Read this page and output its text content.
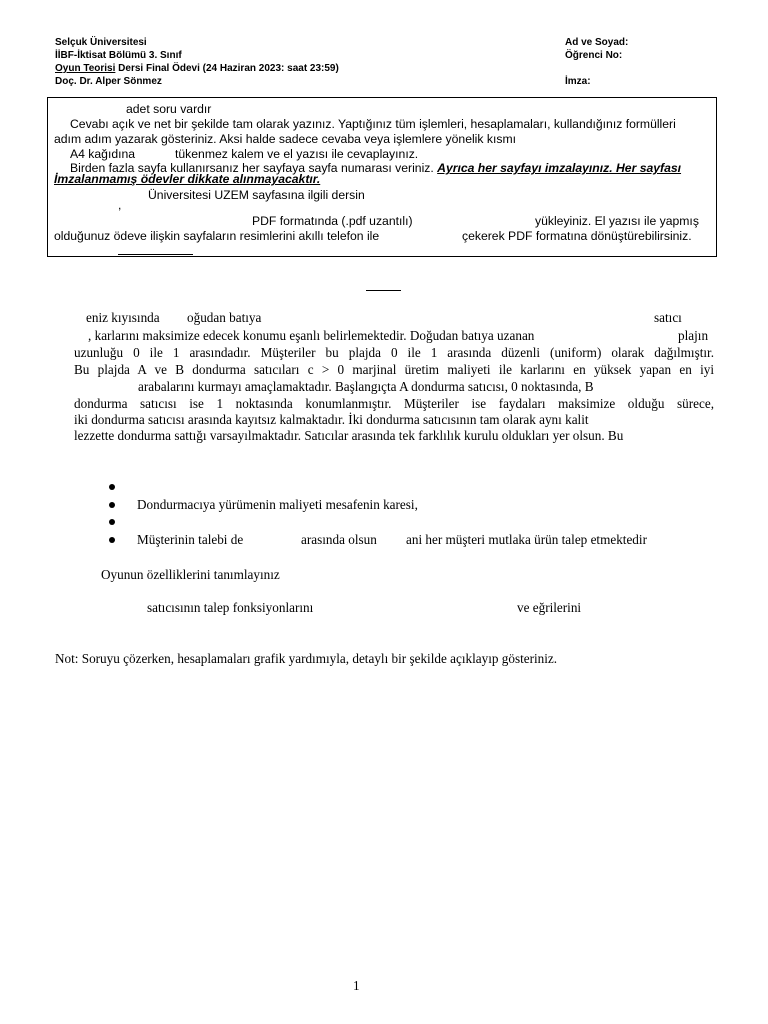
Selçuk Üniversitesi
İİBF-İktisat Bölümü 3. Sınıf
Oyun Teorisi Dersi Final Ödevi (24 Haziran 2023: saat 23:59)
Doç. Dr. Alper Sönmez
Ad ve Soyad:
Öğrenci No:
İmza:
adet soru vardır
Cevabı açık ve net bir şekilde tam olarak yazınız. Yaptığınız tüm işlemleri, hesaplamaları, kullandığınız formülleri
adım adım yazarak gösteriniz. Aksi halde sadece cevaba veya işlemlere yönelik kısmı
A4 kağıdına	tükenmez kalem ve el yazısı ile cevaplayınız.
Birden fazla sayfa kullanırsanız her sayfaya sayfa numarası veriniz. Ayrıca her sayfayı imzalayınız. Her sayfası
İmzalanmamış ödevler dikkate alınmayacaktır.
Üniversitesi UZEM sayfasına ilgili dersin
,
PDF formatında (.pdf uzantılı)	yükleyiniz. El yazısı ile yapmış
olduğunuz ödeve ilişkin sayfaların resimlerini akıllı telefon ile	çekerek PDF formatına dönüştürebilirsiniz.
eniz kıyısında oğudan batıya	satıcı
, karlarını maksimize edecek konumu eşanlı belirlemektedir. Doğudan batıya uzanan	plajın
uzunluğu 0 ile 1 arasındadır. Müşteriler bu plajda 0 ile 1 arasında düzenli (uniform) olarak dağılmıştır.
Bu plajda A ve B dondurma satıcıları c > 0 marjinal üretim maliyeti ile karlarını en yüksek yapan en iyi
arabalarını kurmayı amaçlamaktadır. Başlangıçta A dondurma satıcısı, 0 noktasında, B
dondurma satıcısı ise 1 noktasında konumlanmıştır. Müşteriler ise faydaları maksimize olduğu sürece,
iki dondurma satıcısı arasında kayıtsız kalmaktadır. İki dondurma satıcısının tam olarak aynı kalit
lezzette dondurma sattığı varsayılmaktadır. Satıcılar arasında tek farklılık kurulu oldukları yer olsun. Bu
Dondurmacıya yürümenin maliyeti mesafenin karesi,
Müşterinin talebi de	arasında olsun ani her müşteri mutlaka ürün talep etmektedir
Oyunun özelliklerini tanımlayınız
satıcısının talep fonksiyonlarını	ve eğrilerini
Not: Soruyu çözerken, hesaplamaları grafik yardımıyla, detaylı bir şekilde açıklayıp gösteriniz.
1
